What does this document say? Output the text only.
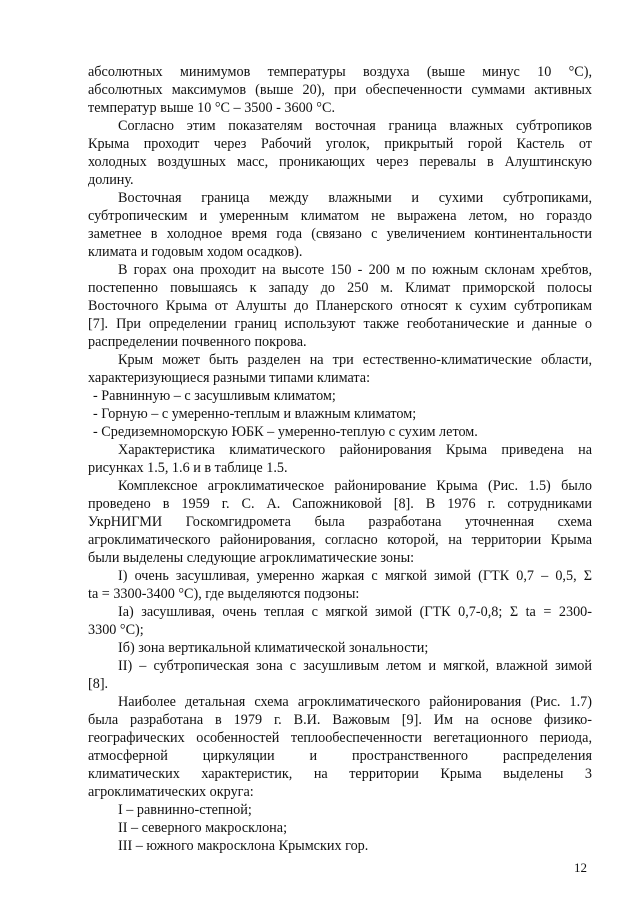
абсолютных минимумов температуры воздуха (выше минус 10 °C),
абсолютных максимумов (выше 20), при обеспеченности суммами активных
температур выше 10 °C – 3500 - 3600 °C.
Согласно этим показателям восточная граница влажных субтропиков
Крыма проходит через Рабочий уголок, прикрытый горой Кастель от
холодных воздушных масс, проникающих через перевалы в Алуштинскую
долину.
Восточная граница между влажными и сухими субтропиками,
субтропическим и умеренным климатом не выражена летом, но гораздо
заметнее в холодное время года (связано с увеличением континентальности
климата и годовым ходом осадков).
В горах она проходит на высоте 150 - 200 м по южным склонам хребтов,
постепенно повышаясь к западу до 250 м. Климат приморской полосы
Восточного Крыма от Алушты до Планерского относят к сухим субтропикам
[7]. При определении границ используют также геоботанические и данные о
распределении почвенного покрова.
Крым может быть разделен на три естественно-климатические области,
характеризующиеся разными типами климата:
- Равнинную – с засушливым климатом;
- Горную – с умеренно-теплым и влажным климатом;
- Средиземноморскую ЮБК – умеренно-теплую с сухим летом.
Характеристика климатического районирования Крыма приведена на
рисунках 1.5, 1.6 и в таблице 1.5.
Комплексное агроклиматическое районирование Крыма (Рис. 1.5) было
проведено в 1959 г. С. А. Сапожниковой [8]. В 1976 г. сотрудниками
УкрНИГМИ Госкомгидромета была разработана уточненная схема
агроклиматического районирования, согласно которой, на территории Крыма
были выделены следующие агроклиматические зоны:
I) очень засушливая, умеренно жаркая с мягкой зимой (ГТК 0,7 – 0,5, Σ
ta = 3300-3400 °С), где выделяются подзоны:
Iа) засушливая, очень теплая с мягкой зимой (ГТК 0,7-0,8; Σ ta = 2300-
3300 °С);
Iб) зона вертикальной климатической зональности;
II) – субтропическая зона с засушливым летом и мягкой, влажной зимой
[8].
Наиболее детальная схема агроклиматического районирования (Рис. 1.7)
была разработана в 1979 г. В.И. Важовым [9]. Им на основе физико-
географических особенностей теплообеспеченности вегетационного периода,
атмосферной циркуляции и пространственного распределения
климатических характеристик, на территории Крыма выделены 3
агроклиматических округа:
I – равнинно-степной;
II – северного макросклона;
III – южного макросклона Крымских гор.
12
